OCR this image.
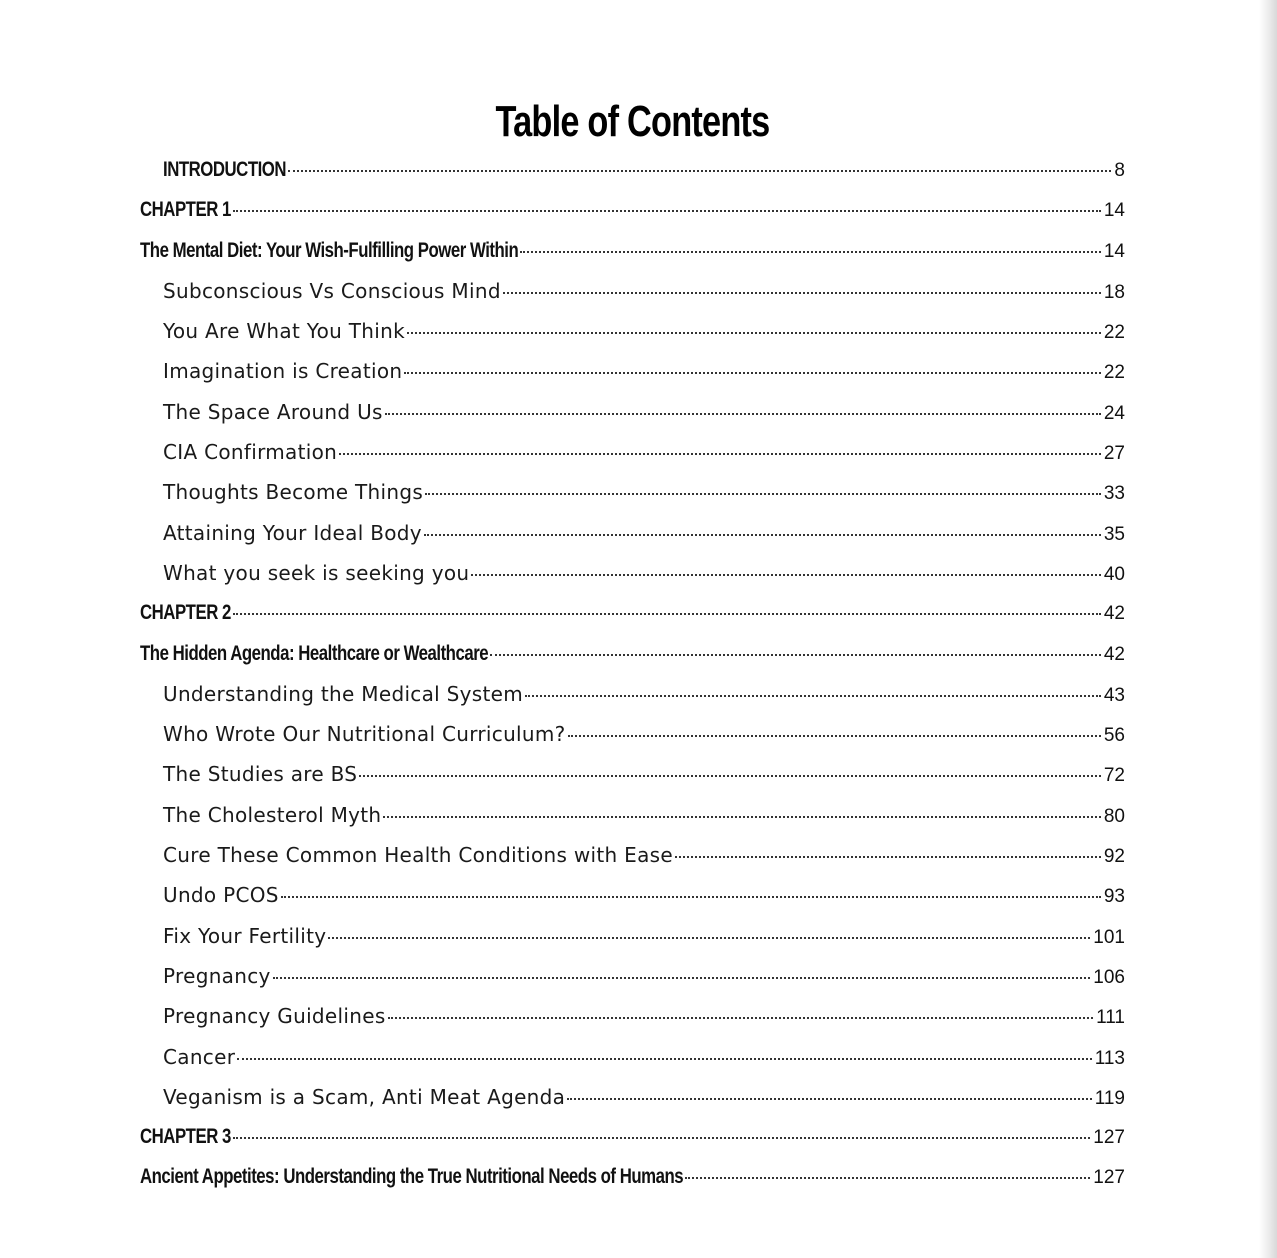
Table of Contents
INTRODUCTION	8
CHAPTER 1	14
The Mental Diet: Your Wish-Fulfilling Power Within	14
Subconscious Vs Conscious Mind	18
You Are What You Think	22
Imagination is Creation	22
The Space Around Us	24
CIA Confirmation	27
Thoughts Become Things	33
Attaining Your Ideal Body	35
What you seek is seeking you	40
CHAPTER 2	42
The Hidden Agenda: Healthcare or Wealthcare	42
Understanding the Medical System	43
Who Wrote Our Nutritional Curriculum?	56
The Studies are BS	72
The Cholesterol Myth	80
Cure These Common Health Conditions with Ease	92
Undo PCOS	93
Fix Your Fertility	101
Pregnancy	106
Pregnancy Guidelines	111
Cancer	113
Veganism is a Scam, Anti Meat Agenda	119
CHAPTER 3	127
Ancient Appetites: Understanding the True Nutritional Needs of Humans	127
